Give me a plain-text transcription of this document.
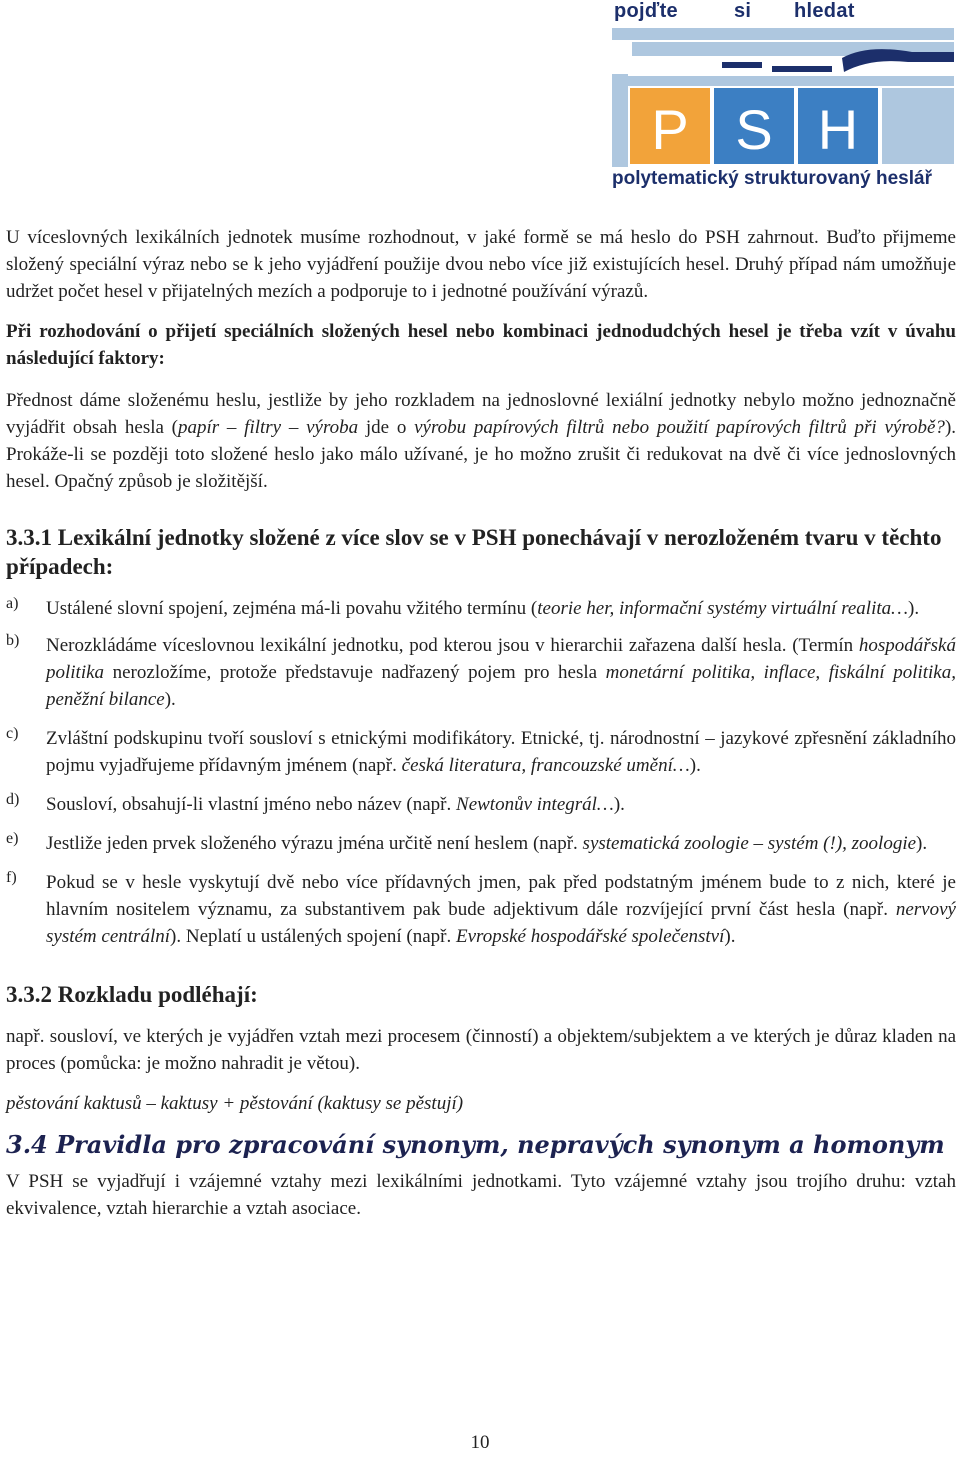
pojďte	si hledat
P S H
polytematický strukturovaný heslář

U víceslovných lexikálních jednotek musíme rozhodnout, v jaké formě se má heslo do PSH zahrnout. Buďto přijmeme složený speciální výraz nebo se k jeho vyjádření použije dvou nebo více již existujících hesel. Druhý případ nám umožňuje udržet počet hesel v přijatelných mezích a podporuje to i jednotné používání výrazů.

Při rozhodování o přijetí speciálních složených hesel nebo kombinaci jednodudchých hesel je třeba vzít v úvahu následující faktory:

Přednost dáme složenému heslu, jestliže by jeho rozkladem na jednoslovné lexiální jednotky nebylo možno jednoznačně vyjádřit obsah hesla (papír – filtry – výroba jde o výrobu papírových filtrů nebo použití papírových filtrů při výrobě?). Prokáže-li se později toto složené heslo jako málo užívané, je ho možno zrušit či redukovat na dvě či více jednoslovných hesel. Opačný způsob je složitější.

3.3.1 Lexikální jednotky složené z více slov se v PSH ponechávají v nerozloženém tvaru v těchto případech:

a)	Ustálené slovní spojení, zejména má-li povahu vžitého termínu (teorie her, informační systémy virtuální realita…).

b)	Nerozkládáme víceslovnou lexikální jednotku, pod kterou jsou v hierarchii zařazena další hesla. (Termín hospodářská politika nerozložíme, protože představuje nadřazený pojem pro hesla monetární politika, inflace, fiskální politika, peněžní bilance).

c)	Zvláštní podskupinu tvoří sousloví s etnickými modifikátory. Etnické, tj. národnostní – jazykové zpřesnění základního pojmu vyjadřujeme přídavným jménem (např. česká literatura, francouzské umění…).

d)	Sousloví, obsahují-li vlastní jméno nebo název (např. Newtonův integrál…).

e)	Jestliže jeden prvek složeného výrazu jména určitě není heslem (např. systematická zoologie – systém (!), zoologie).

f)	Pokud se v hesle vyskytují dvě nebo více přídavných jmen, pak před podstatným jménem bude to z nich, které je hlavním nositelem významu, za substantivem pak bude adjektivum dále rozvíjející první část hesla (např. nervový systém centrální). Neplatí u ustálených spojení (např. Evropské hospodářské společenství).

3.3.2 Rozkladu podléhají:

např. sousloví, ve kterých je vyjádřen vztah mezi procesem (činností) a objektem/subjektem a ve kterých je důraz kladen na proces (pomůcka: je možno nahradit je větou).

pěstování kaktusů – kaktusy + pěstování (kaktusy se pěstují)

3.4 Pravidla pro zpracování synonym, nepravých synonym a homonym

V PSH se vyjadřují i vzájemné vztahy mezi lexikálními jednotkami. Tyto vzájemné vztahy jsou trojího druhu: vztah ekvivalence, vztah hierarchie a vztah asociace.

10
